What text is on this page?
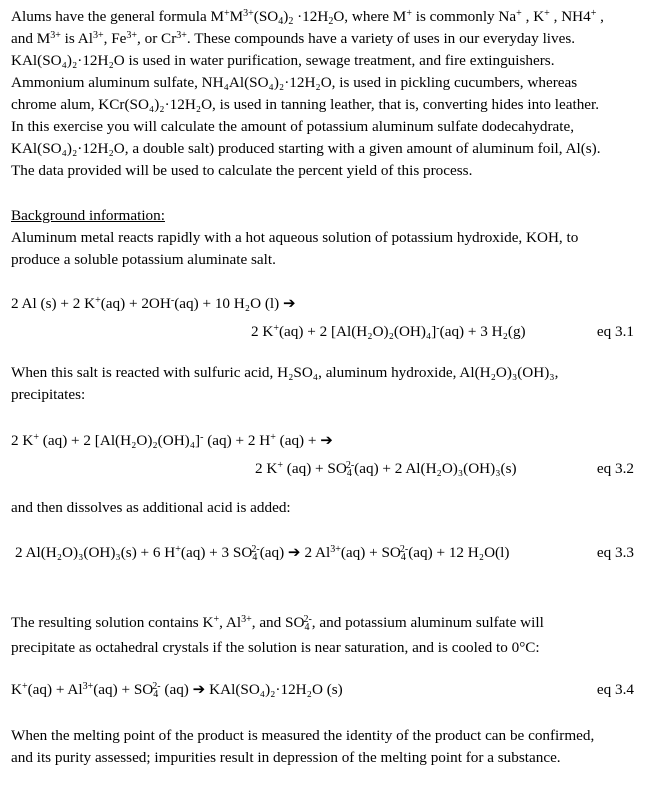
Alums have the general formula $M^+M^{3+}(SO_4)_2 \cdot 12H_2O$, where M+ is commonly Na+ , K+ , NH4+ ,

and $M^{3+}$ is $Al^{3+}$, $Fe^{3+}$, or $Cr^{3+}$. These compounds have a variety of uses in our everyday lives.

KAl(SO₄)₂·12H₂O is used in water purification, sewage treatment, and fire extinguishers.

Ammonium aluminum sulfate, NH₄Al(SO₄)₂·12H₂O, is used in pickling cucumbers, whereas

chrome alum, KCr(SO₄)₂·12H₂O, is used in tanning leather, that is, converting hides into leather.

In this exercise you will calculate the amount of potassium aluminum sulfate dodecahydrate,

KAl(SO₄)₂·12H₂O, a double salt) produced starting with a given amount of aluminum foil, Al(s).

The data provided will be used to calculate the percent yield of this process.

Background information:

Aluminum metal reacts rapidly with a hot aqueous solution of potassium hydroxide, KOH, to

produce a soluble potassium aluminate salt.

2 Al (s) + 2 K+(aq) + 2OH-(aq) + 10 H₂O (l) ➔
2 K+(aq) + 2 [Al(H₂O)₂(OH)₄]-(aq) + 3 H₂(g)	eq 3.1

When this salt is reacted with sulfuric acid, H₂SO₄, aluminum hydroxide, Al(H₂O)₃(OH)₃,

precipitates:

2 K+ (aq) + 2 [Al(H₂O)₂(OH)₄]- (aq) + 2 H+ (aq) + ➔
2 K+ $(aq) + SO_4^{2-}(aq) + 2$ Al(H₂O)₃(OH)₃(s)	eq 3.2

and then dissolves as additional acid is added:

2 Al(H₂O)₃(OH)₃(s) + 6 H+(aq) + 3 $SO_4^{2-}(aq)$ ➔ 2 $Al^{3+}(aq) + SO_4^{2-}(aq) + 12$ H₂O(l)	eq 3.3

The resulting solution contains K+, $Al^{3+}$, and $SO_4^{2-}$, and potassium aluminum sulfate will

precipitate as octahedral crystals if the solution is near saturation, and is cooled to 0°C:

$K^+(aq) + Al^{3+}(aq) + SO_4^{2-}$ (aq) ➔ KAl(SO₄)₂·12H₂O (s)	eq 3.4

When the melting point of the product is measured the identity of the product can be confirmed,

and its purity assessed; impurities result in depression of the melting point for a substance.
